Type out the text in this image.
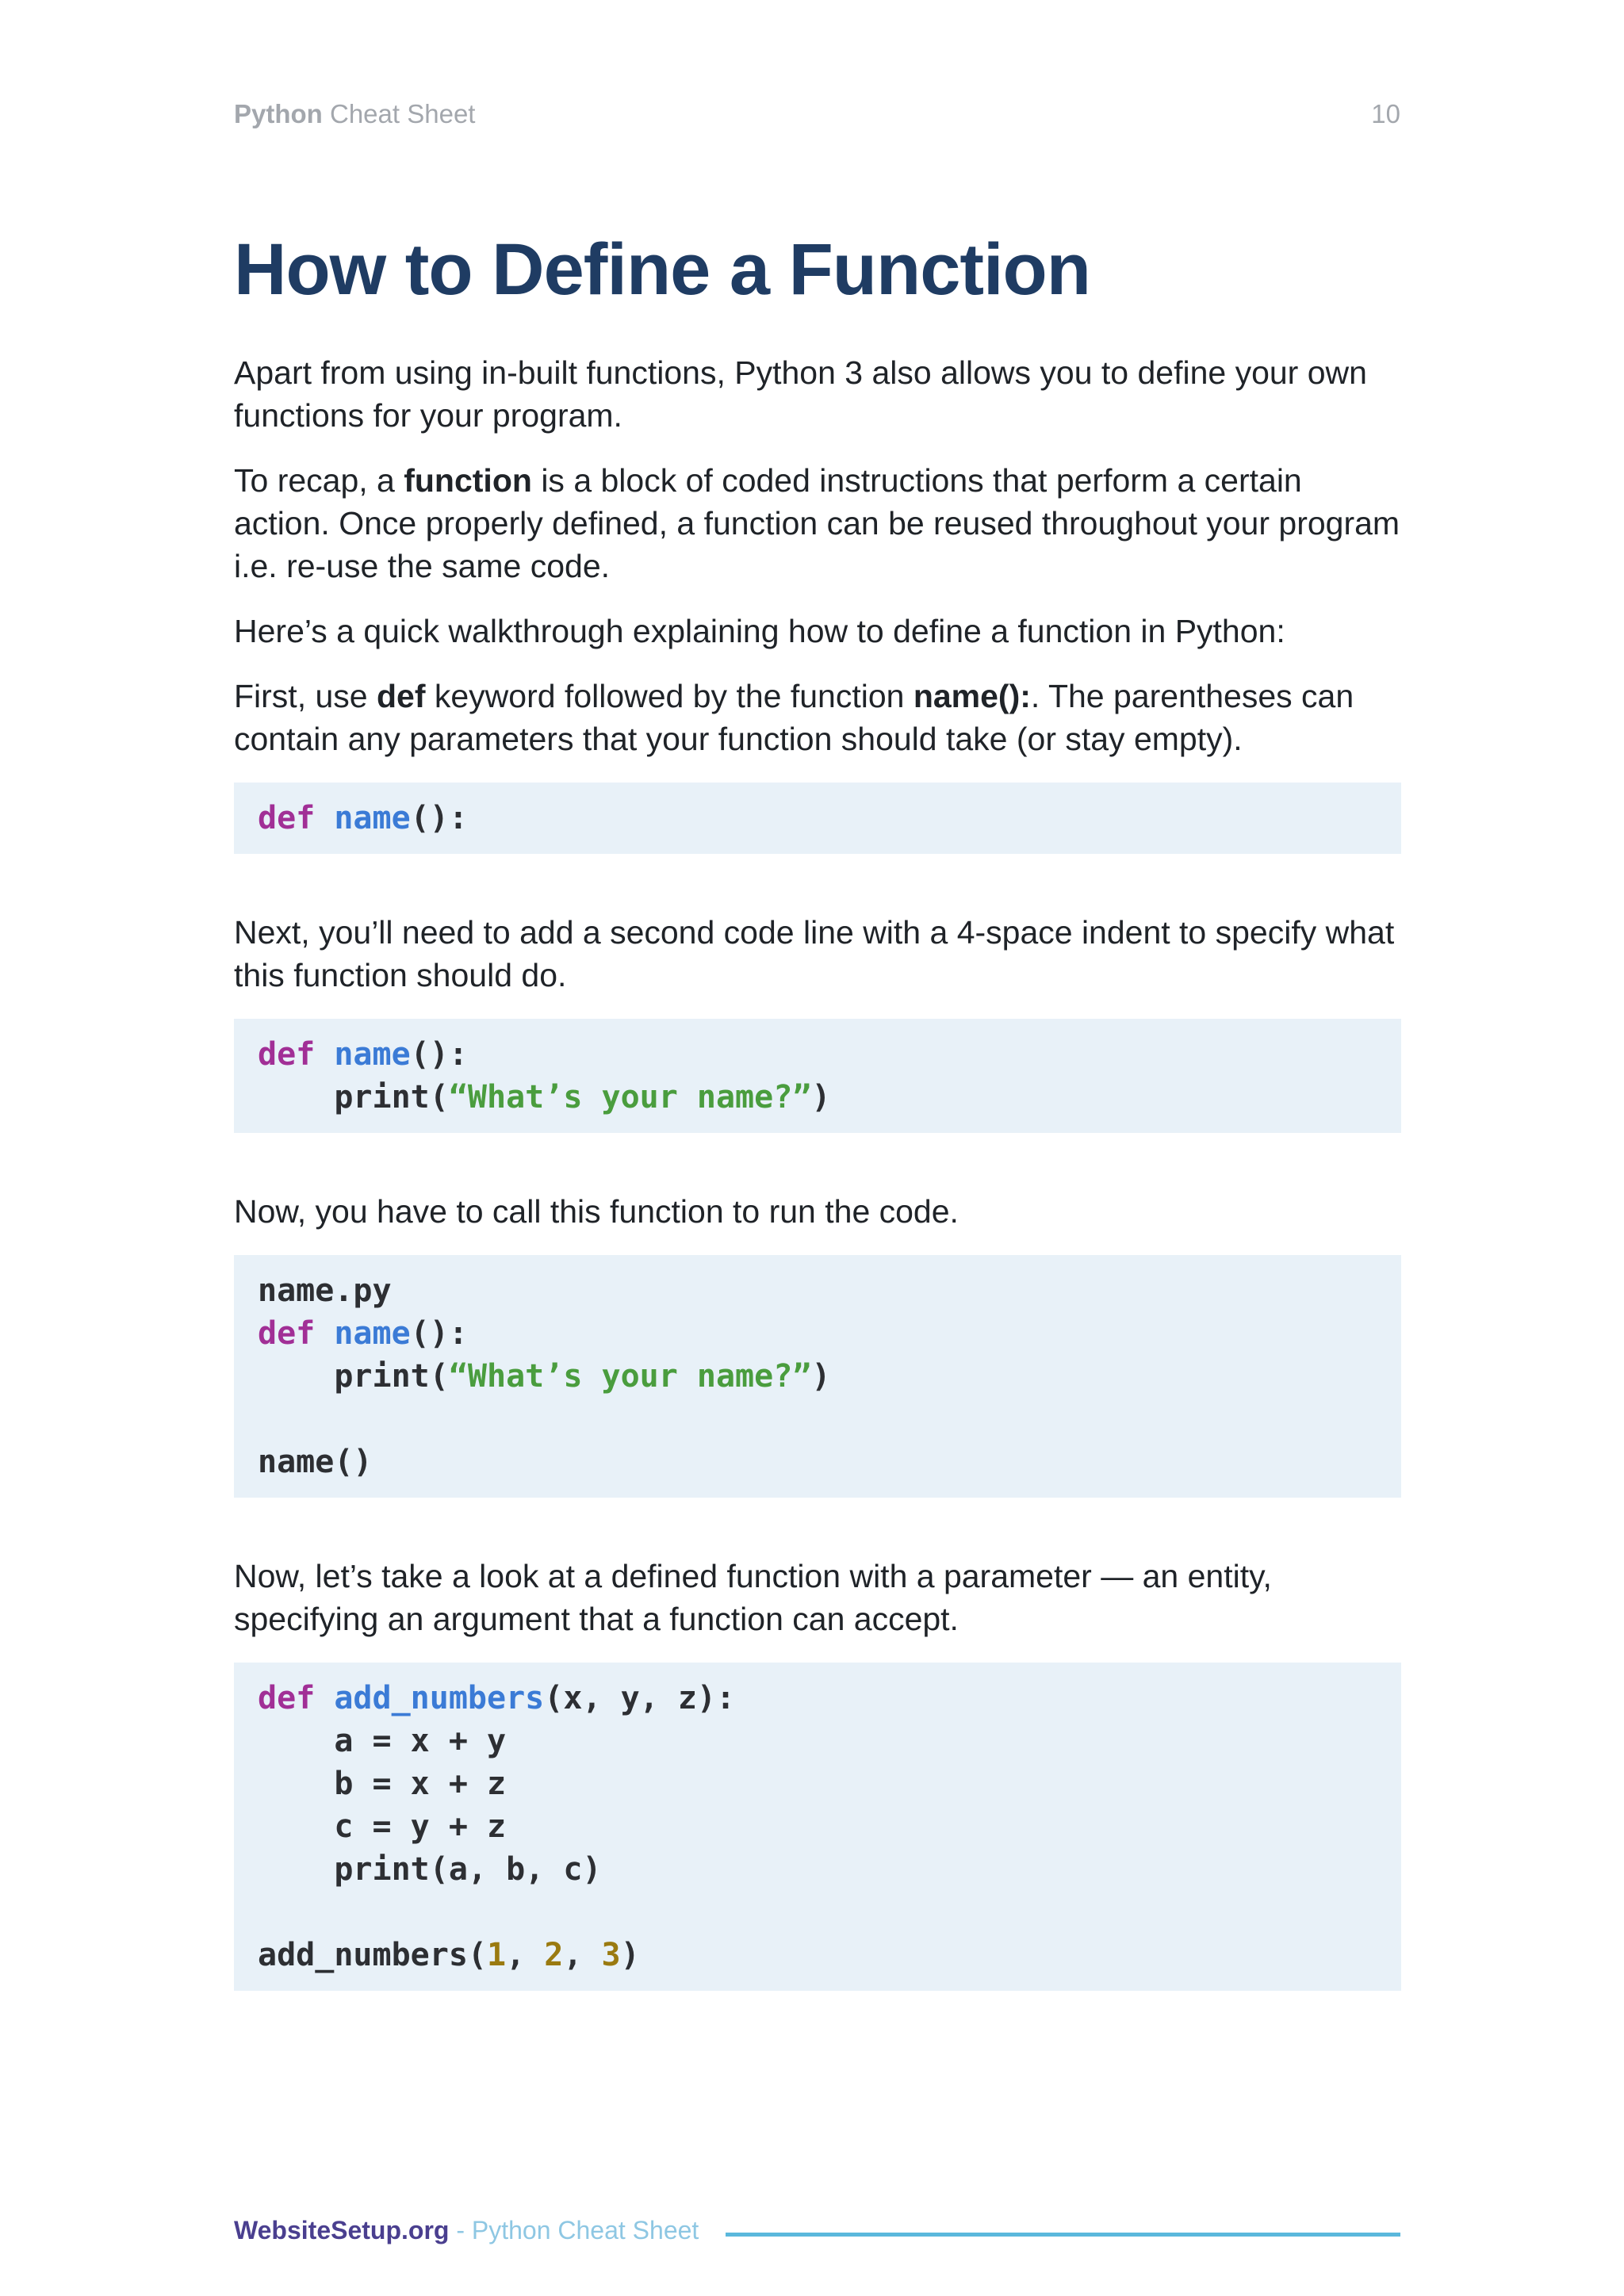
Python Cheat Sheet	10
How to Define a Function

Apart from using in-built functions, Python 3 also allows you to define your own functions for your program.

To recap, a function is a block of coded instructions that perform a certain action. Once properly defined, a function can be reused throughout your program i.e. re-use the same code.

Here’s a quick walkthrough explaining how to define a function in Python:

First, use def keyword followed by the function name():. The parentheses can contain any parameters that your function should take (or stay empty).

def name():

Next, you’ll need to add a second code line with a 4-space indent to specify what this function should do.

def name():
print(“What’s your name?”)

Now, you have to call this function to run the code.

name.py
def name():
print(“What’s your name?”)
name()

Now, let’s take a look at a defined function with a parameter — an entity, specifying an argument that a function can accept.

def add_numbers(x, y, z):
a = x + y
b = x + z
c = y + z
print(a, b, c)
add_numbers(1, 2, 3)
WebsiteSetup.org - Python Cheat Sheet
